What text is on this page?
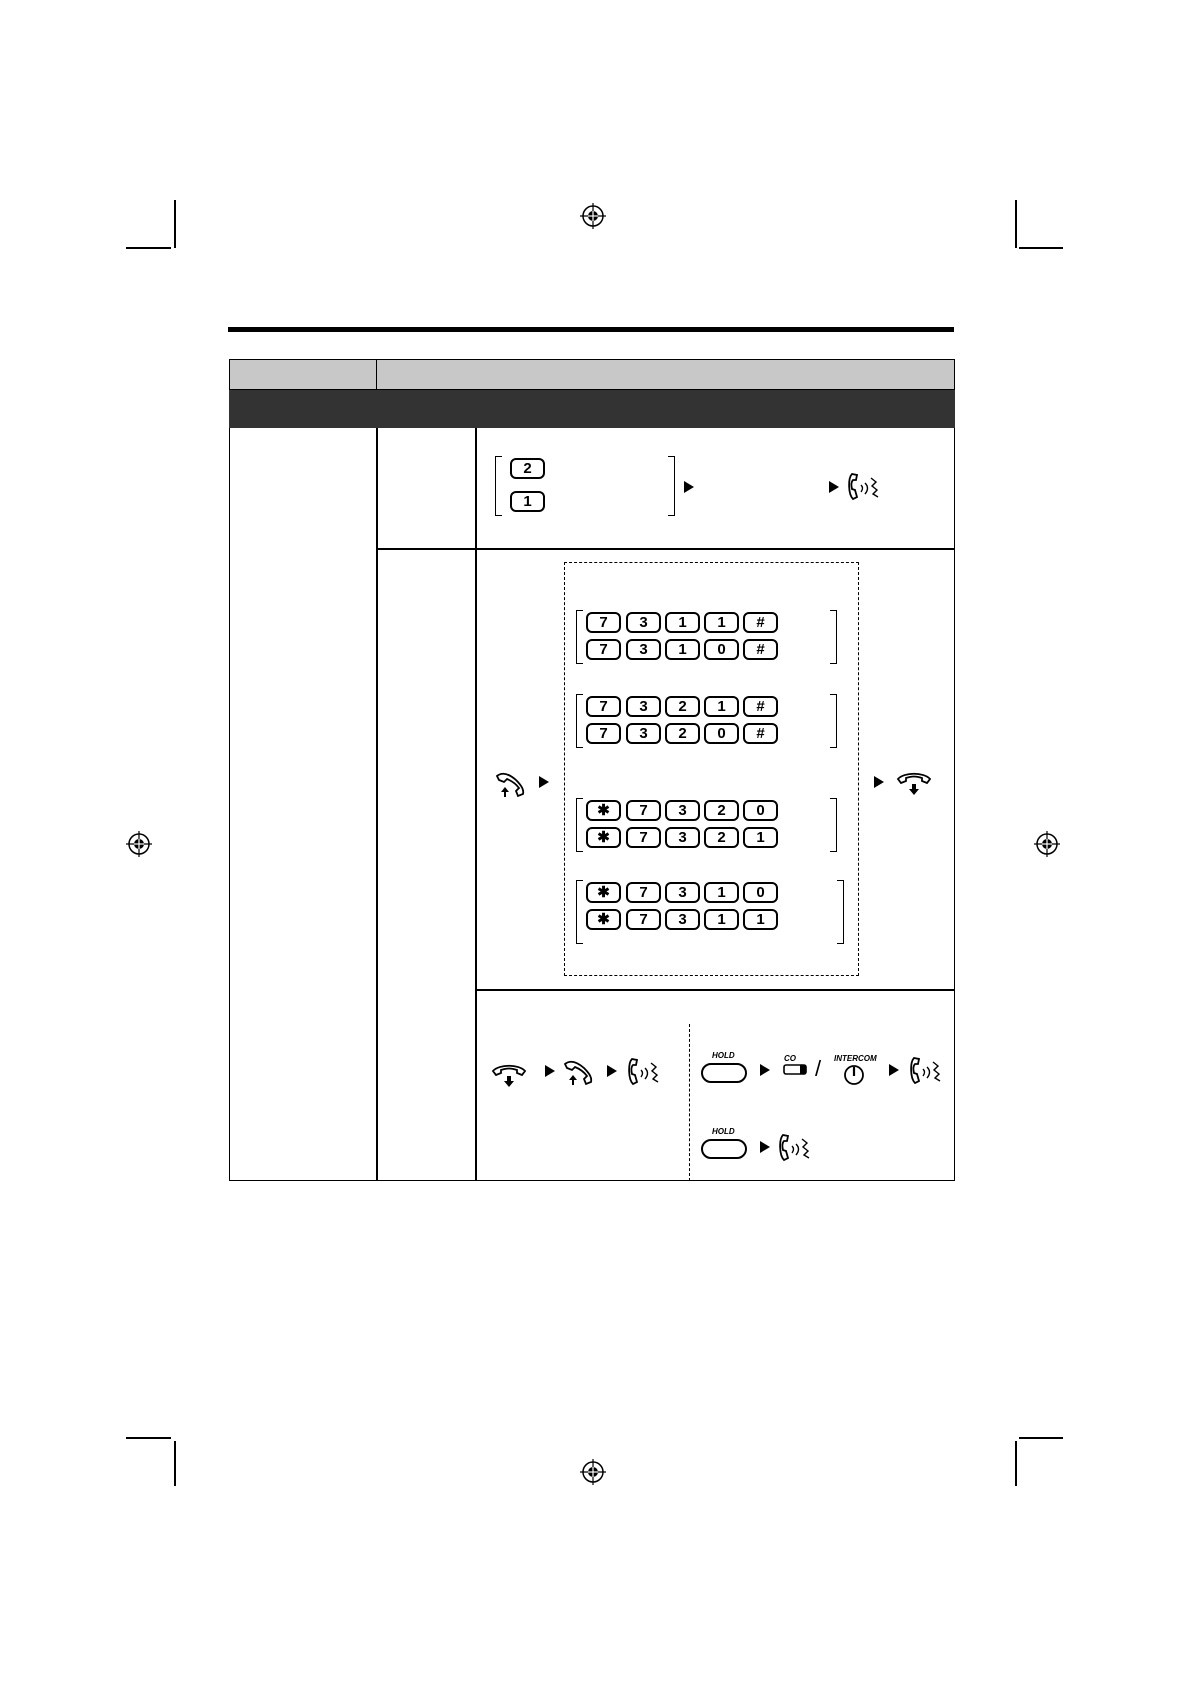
2
1
7	3	1	1	#
7	3	1	0	#
7	3	2	1	#
7	3	2	0	#
✱	7	3	2	0
✱	7	3	2	1
✱	7	3	1	0
✱	7	3	1	1
HOLD	CO / INTERCOM
HOLD
